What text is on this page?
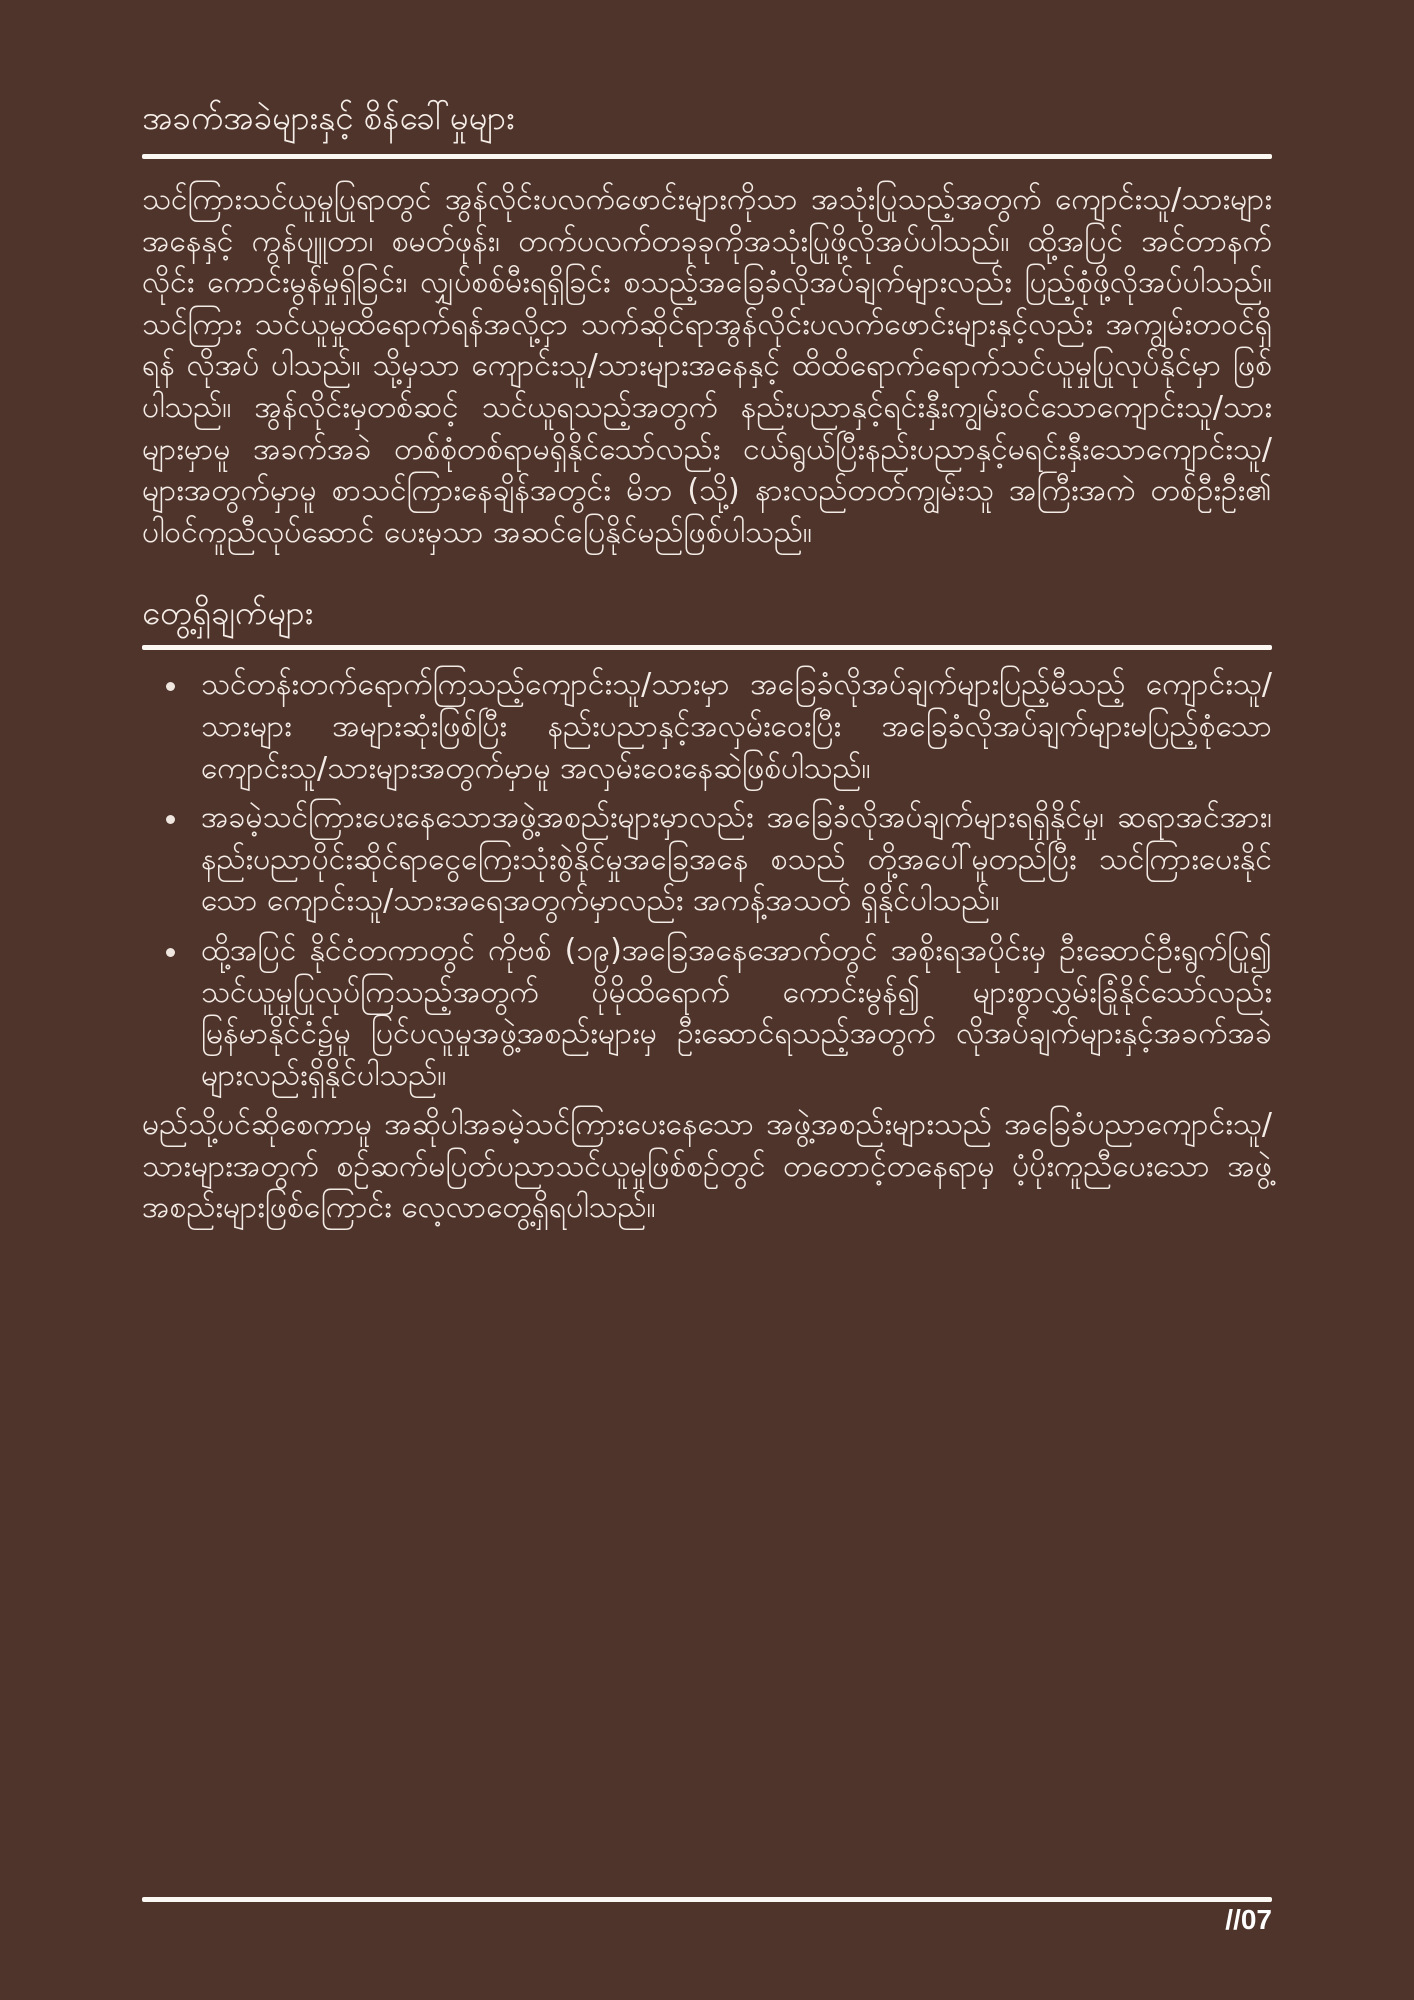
အခက်အခဲများနှင့် စိန်ခေါ်မှုများ

သင်ကြားသင်ယူမှုပြုရာတွင် အွန်လိုင်းပလက်ဖောင်းများကိုသာ အသုံးပြုသည့်အတွက် ကျောင်းသူ/သားများ အနေနှင့် ကွန်ပျူတာ၊ စမတ်ဖုန်း၊ တက်ပလက်တခုခုကိုအသုံးပြုဖို့လိုအပ်ပါသည်။ ထို့အပြင် အင်တာနက်လိုင်း ကောင်းမွန်မှုရှိခြင်း၊ လျှပ်စစ်မီးရရှိခြင်း စသည့်အခြေခံလိုအပ်ချက်များလည်း ပြည့်စုံဖို့လိုအပ်ပါသည်။ သင်ကြား သင်ယူမှုထိရောက်ရန်အလို့ငှာ သက်ဆိုင်ရာအွန်လိုင်းပလက်ဖောင်းများနှင့်လည်း အကျွမ်းတဝင်ရှိရန် လိုအပ် ပါသည်။ သို့မှသာ ကျောင်းသူ/သားများအနေနှင့် ထိထိရောက်ရောက်သင်ယူမှုပြုလုပ်နိုင်မှာ ဖြစ်ပါသည်။ အွန်လိုင်းမှတစ်ဆင့် သင်ယူရသည့်အတွက် နည်းပညာနှင့်ရင်းနှီးကျွမ်းဝင်သောကျောင်းသူ/သားများမှာမူ အခက်အခဲ တစ်စုံတစ်ရာမရှိနိုင်သော်လည်း ငယ်ရွယ်ပြီးနည်းပညာနှင့်မရင်းနှီးသောကျောင်းသူ/များအတွက်မှာမူ စာသင်ကြားနေချိန်အတွင်း မိဘ (သို့) နားလည်တတ်ကျွမ်းသူ အကြီးအကဲ တစ်ဦးဦး၏ ပါဝင်ကူညီလုပ်ဆောင် ပေးမှသာ အဆင်ပြေနိုင်မည်ဖြစ်ပါသည်။

တွေ့ရှိချက်များ
သင်တန်းတက်ရောက်ကြသည့်ကျောင်းသူ/သားမှာ အခြေခံလိုအပ်ချက်များပြည့်မီသည့် ကျောင်းသူ/သားများ အများဆုံးဖြစ်ပြီး နည်းပညာနှင့်အလှမ်းဝေးပြီး အခြေခံလိုအပ်ချက်များမပြည့်စုံသော ကျောင်းသူ/သားများအတွက်မှာမူ အလှမ်းဝေးနေဆဲဖြစ်ပါသည်။
အခမဲ့သင်ကြားပေးနေသောအဖွဲ့အစည်းများမှာလည်း အခြေခံလိုအပ်ချက်များရရှိနိုင်မှု၊ ဆရာအင်အား၊ နည်းပညာပိုင်းဆိုင်ရာငွေကြေးသုံးစွဲနိုင်မှုအခြေအနေ စသည် တို့အပေါ်မူတည်ပြီး သင်ကြားပေးနိုင်သော ကျောင်းသူ/သားအရေအတွက်မှာလည်း အကန့်အသတ် ရှိနိုင်ပါသည်။
ထို့အပြင် နိုင်ငံတကာတွင် ကိုဗစ် (၁၉)အခြေအနေအောက်တွင် အစိုးရအပိုင်းမှ ဦးဆောင်ဦးရွက်ပြု၍ သင်ယူမှုပြုလုပ်ကြသည့်အတွက် ပိုမိုထိရောက် ကောင်းမွန်၍ များစွာလွှမ်းခြုံနိုင်သော်လည်း မြန်မာနိုင်ငံ၌မူ ပြင်ပလူမှုအဖွဲ့အစည်းများမှ ဦးဆောင်ရသည့်အတွက် လိုအပ်ချက်များနှင့်အခက်အခဲများလည်းရှိနိုင်ပါသည်။

မည်သို့ပင်ဆိုစေကာမူ အဆိုပါအခမဲ့သင်ကြားပေးနေသော အဖွဲ့အစည်းများသည် အခြေခံပညာကျောင်းသူ/သားများအတွက် စဉ်ဆက်မပြတ်ပညာသင်ယူမှုဖြစ်စဉ်တွင် တတောင့်တနေရာမှ ပံ့ပိုးကူညီပေးသော အဖွဲ့အစည်းများဖြစ်ကြောင်း လေ့လာတွေ့ရှိရပါသည်။

//07
